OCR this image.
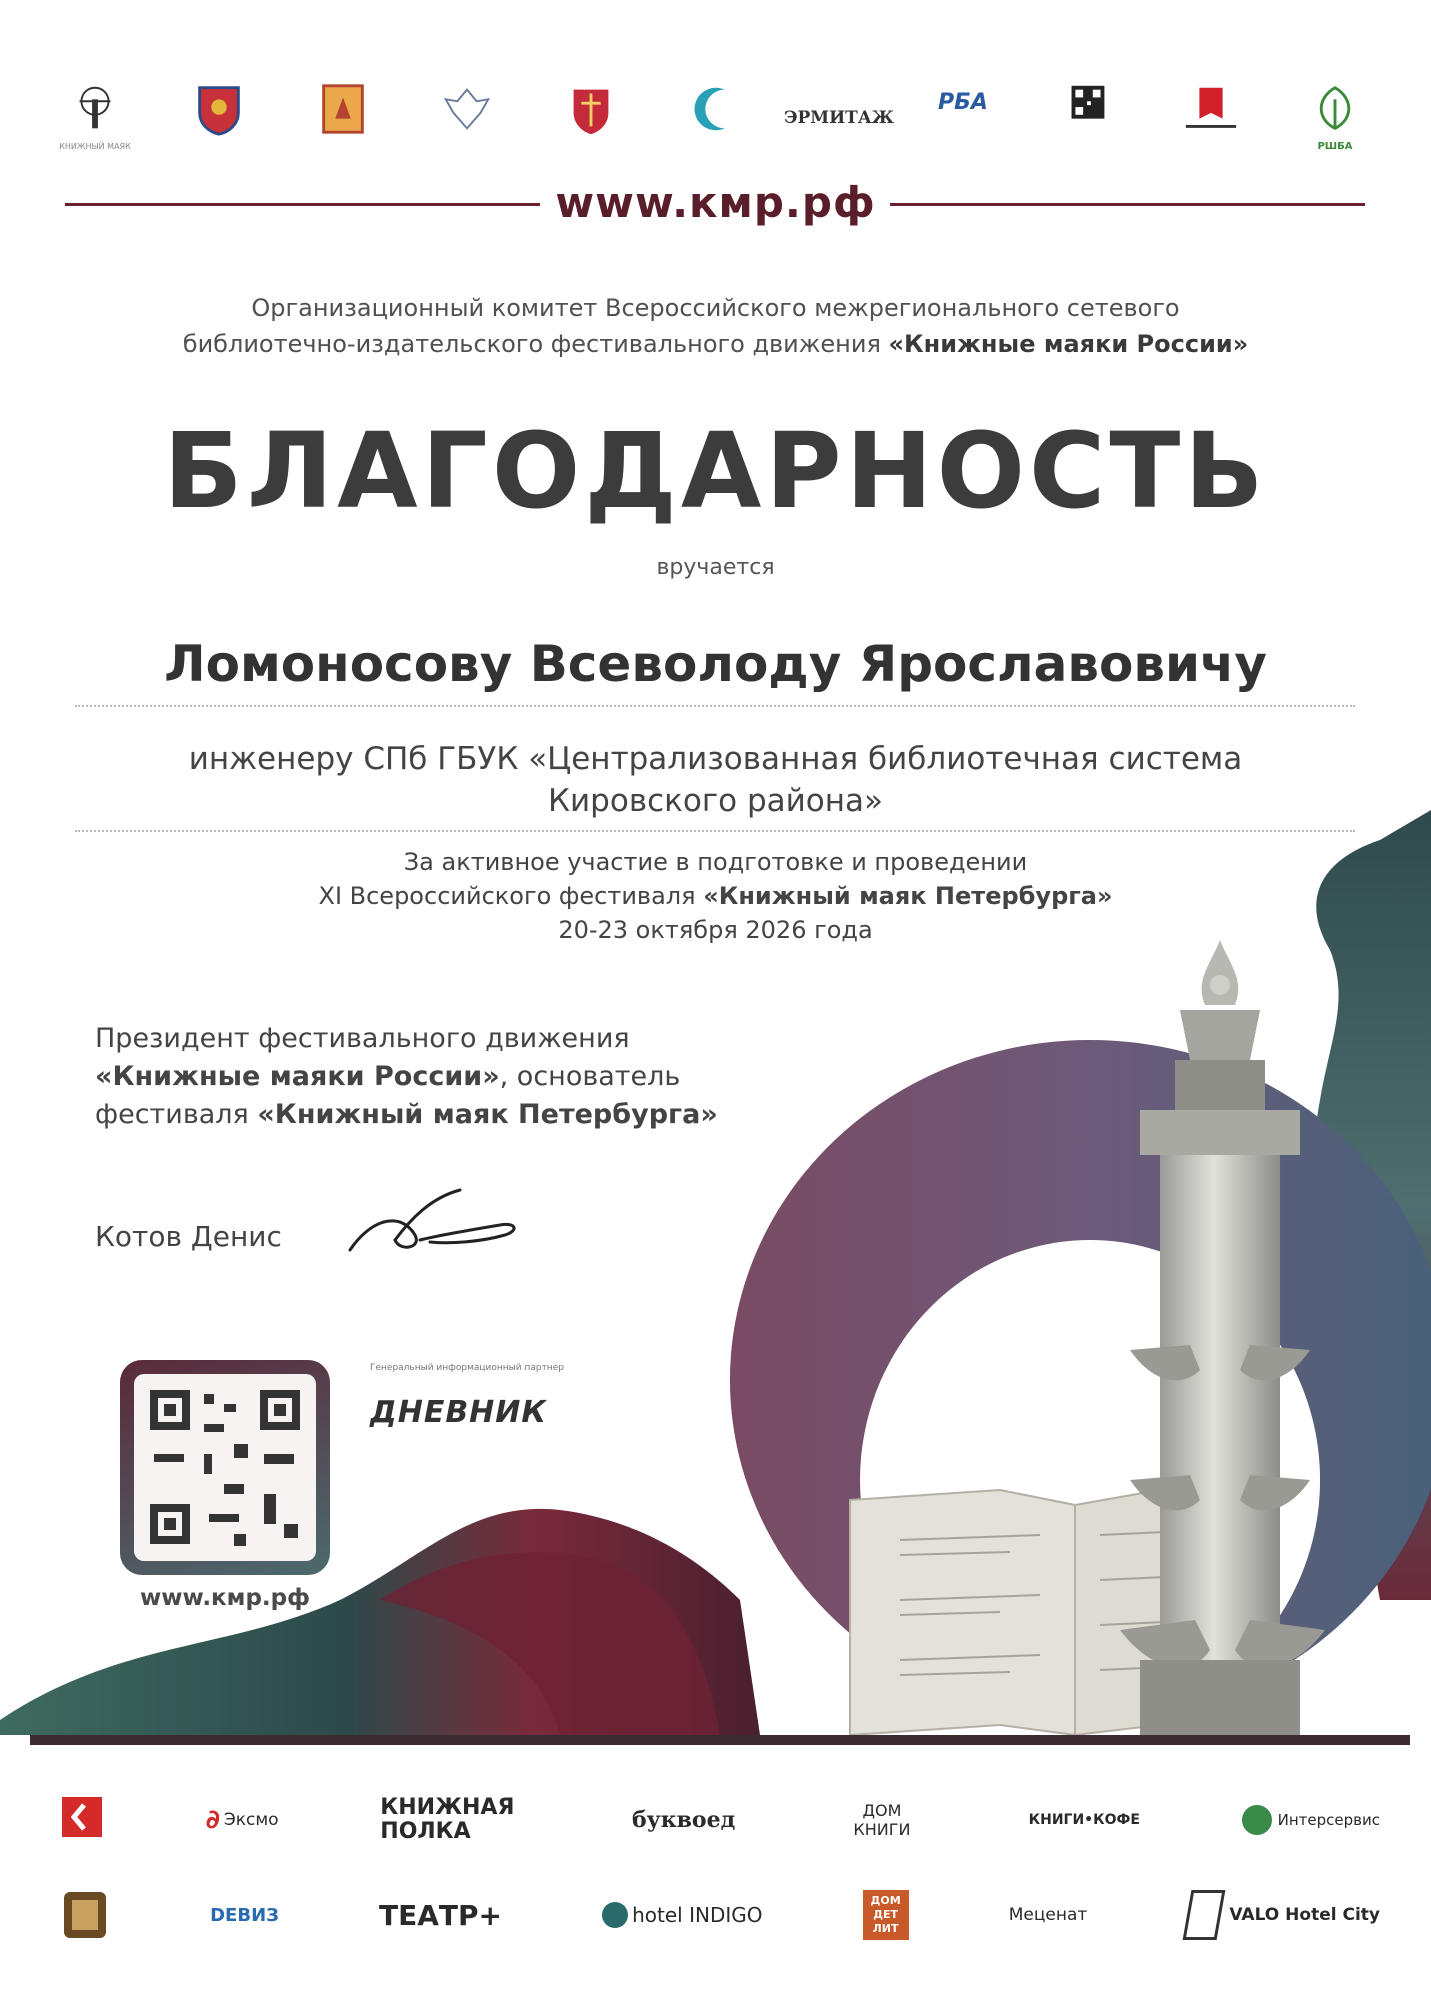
КНИЖНЫЙ МАЯК
ЭРМИТАЖ
РБА
РШБА
www.кмр.рф
Организационный комитет Всероссийского межрегионального сетевого
библиотечно-издательского фестивального движения «Книжные маяки России»
БЛАГОДАРНОСТЬ
вручается
Ломоносову Всеволоду Ярославовичу
инженеру СПб ГБУК «Централизованная библиотечная система
Кировского района»
За активное участие в подготовке и проведении
XI Всероссийского фестиваля «Книжный маяк Петербурга»
20-23 октября 2026 года
Президент фестивального движения
«Книжные маяки России», основатель
фестиваля «Книжный маяк Петербурга»
Котов Денис
www.кмр.рф
Генеральный информационный партнер
ДНЕВНИК
∂ Эксмо	КНИЖНАЯ ПОЛКА	буквоед	ДОМ КНИГИ	КНИГИ•КОФЕ	Интерсервис
DEВИЗ	ТЕАТР+	hotel INDIGO
ДОМ ДЕТ ЛИТ
Меценат	VALO Hotel City
